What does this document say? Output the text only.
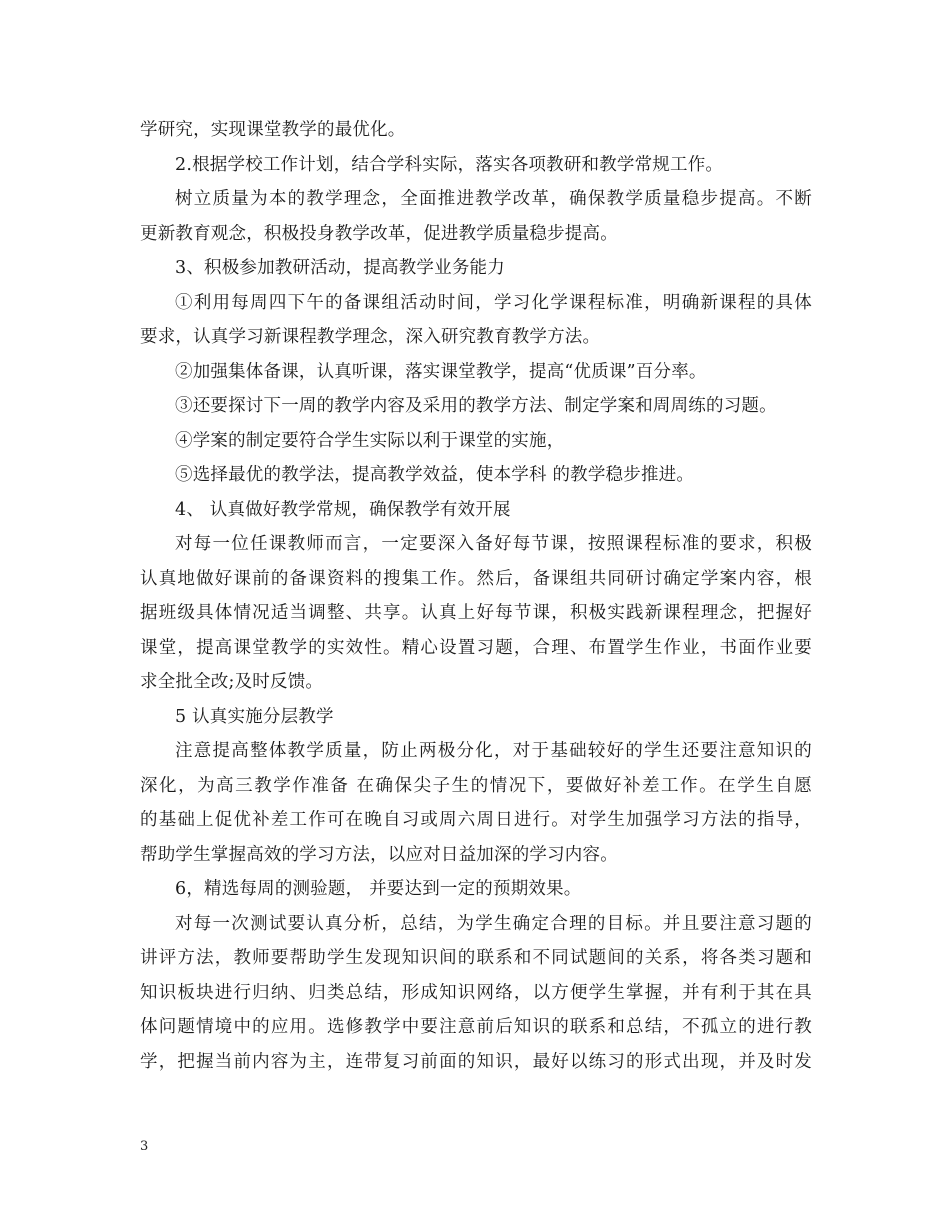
学研究，实现课堂教学的最优化。
2.根据学校工作计划，结合学科实际，落实各项教研和教学常规工作。
树立质量为本的教学理念，全面推进教学改革，确保教学质量稳步提高。不断
更新教育观念，积极投身教学改革，促进教学质量稳步提高。
3、积极参加教研活动，提高教学业务能力
①利用每周四下午的备课组活动时间，学习化学课程标准，明确新课程的具体
要求，认真学习新课程教学理念，深入研究教育教学方法。
②加强集体备课，认真听课，落实课堂教学，提高“优质课”百分率。
③还要探讨下一周的教学内容及采用的教学方法、制定学案和周周练的习题。
④学案的制定要符合学生实际以利于课堂的实施，
⑤选择最优的教学法，提高教学效益，使本学科 的教学稳步推进。
4、 认真做好教学常规，确保教学有效开展
对每一位任课教师而言，一定要深入备好每节课，按照课程标准的要求，积极
认真地做好课前的备课资料的搜集工作。然后，备课组共同研讨确定学案内容，根
据班级具体情况适当调整、共享。认真上好每节课，积极实践新课程理念，把握好
课堂，提高课堂教学的实效性。精心设置习题，合理、布置学生作业，书面作业要
求全批全改;及时反馈。
5 认真实施分层教学
注意提高整体教学质量，防止两极分化，对于基础较好的学生还要注意知识的
深化，为高三教学作准备 在确保尖子生的情况下，要做好补差工作。在学生自愿
的基础上促优补差工作可在晚自习或周六周日进行。对学生加强学习方法的指导，
帮助学生掌握高效的学习方法，以应对日益加深的学习内容。
6，精选每周的测验题， 并要达到一定的预期效果。
对每一次测试要认真分析，总结，为学生确定合理的目标。并且要注意习题的
讲评方法，教师要帮助学生发现知识间的联系和不同试题间的关系，将各类习题和
知识板块进行归纳、归类总结，形成知识网络，以方便学生掌握，并有利于其在具
体问题情境中的应用。选修教学中要注意前后知识的联系和总结，不孤立的进行教
学，把握当前内容为主，连带复习前面的知识，最好以练习的形式出现，并及时发
3
